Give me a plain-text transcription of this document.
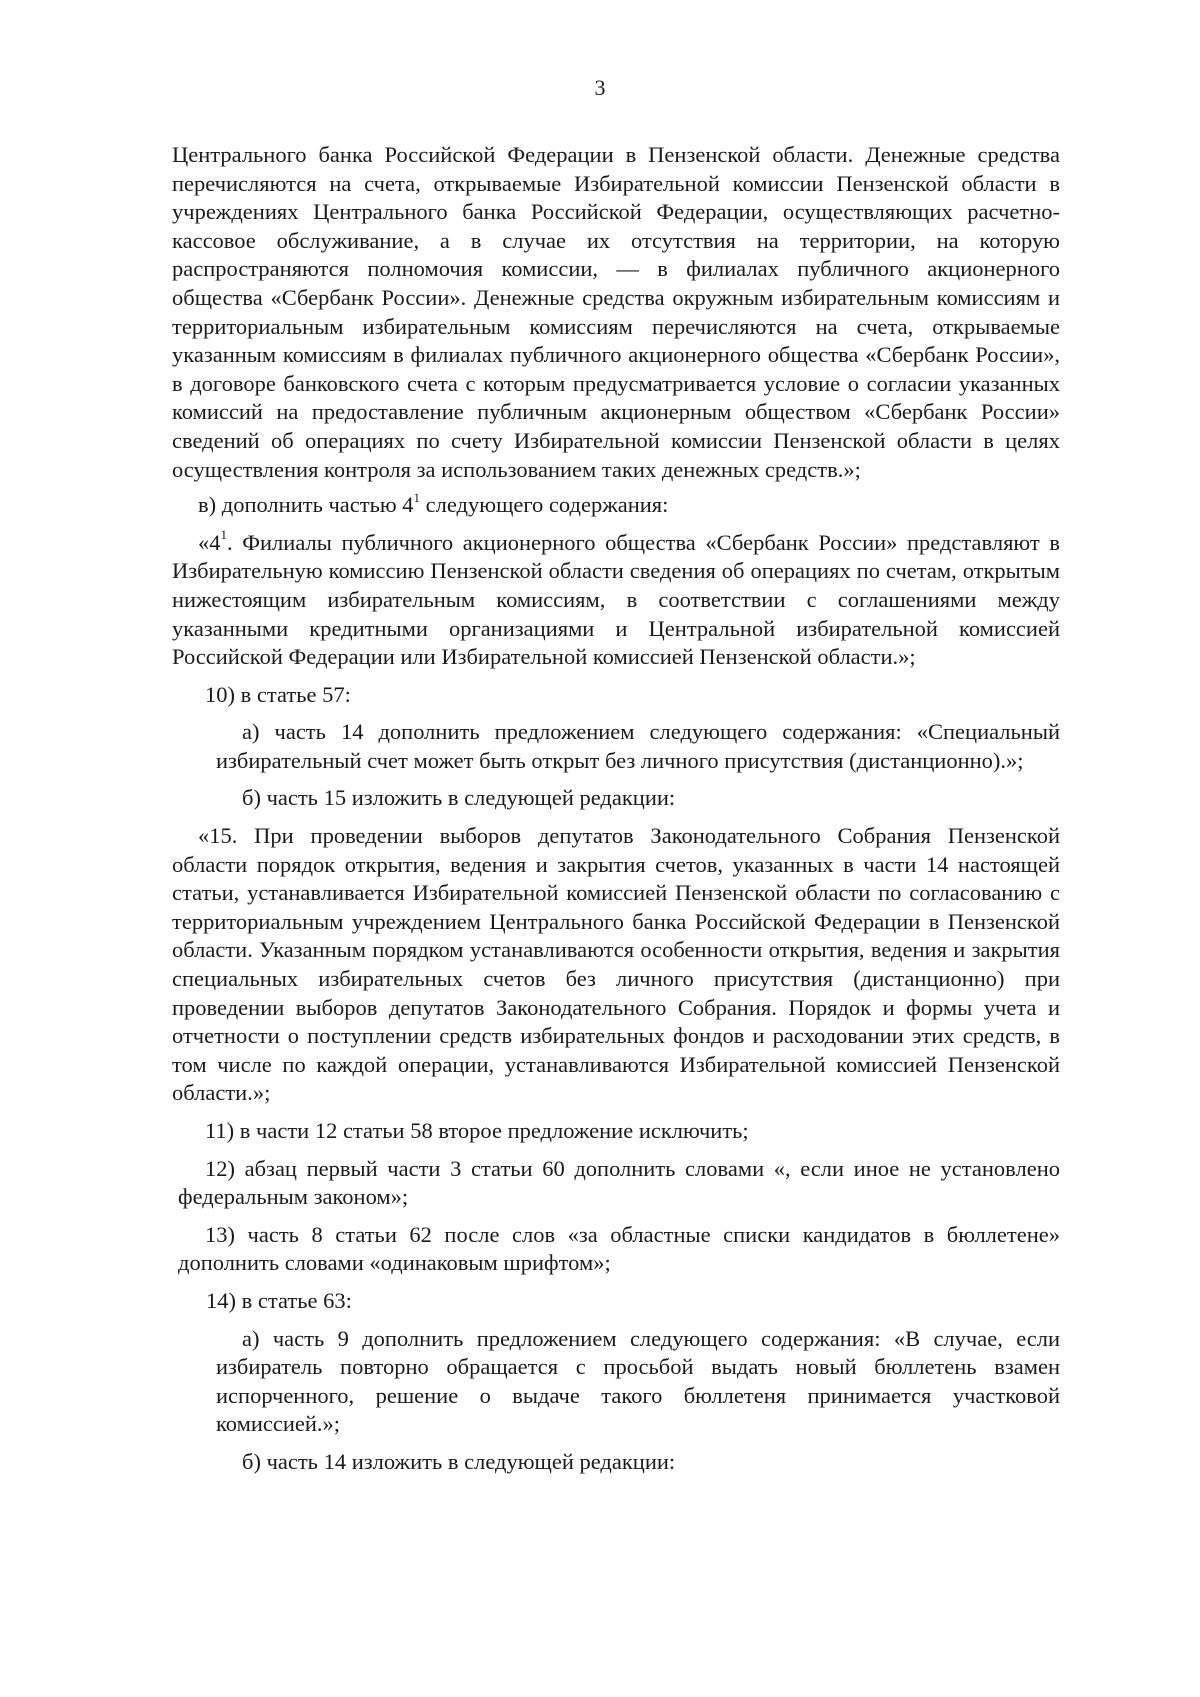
3

Центрального банка Российской Федерации в Пензенской области. Денежные средства перечисляются на счета, открываемые Избирательной комиссии Пензенской области в учреждениях Центрального банка Российской Федерации, осуществляющих расчетно-кассовое обслуживание, а в случае их отсутствия на территории, на которую распространяются полномочия комиссии, — в филиалах публичного акционерного общества «Сбербанк России». Денежные средства окружным избирательным комиссиям и территориальным избирательным комиссиям перечисляются на счета, открываемые указанным комиссиям в филиалах публичного акционерного общества «Сбербанк России», в договоре банковского счета с которым предусматривается условие о согласии указанных комиссий на предоставление публичным акционерным обществом «Сбербанк России» сведений об операциях по счету Избирательной комиссии Пензенской области в целях осуществления контроля за использованием таких денежных средств.»;

в) дополнить частью $4^1$ следующего содержания:

«$4^1$. Филиалы публичного акционерного общества «Сбербанк России» представляют в Избирательную комиссию Пензенской области сведения об операциях по счетам, открытым нижестоящим избирательным комиссиям, в соответствии с соглашениями между указанными кредитными организациями и Центральной избирательной комиссией Российской Федерации или Избирательной комиссией Пензенской области.»;

10) в статье 57:

а) часть 14 дополнить предложением следующего содержания: «Специальный избирательный счет может быть открыт без личного присутствия (дистанционно).»;

б) часть 15 изложить в следующей редакции:

«15. При проведении выборов депутатов Законодательного Собрания Пензенской области порядок открытия, ведения и закрытия счетов, указанных в части 14 настоящей статьи, устанавливается Избирательной комиссией Пензенской области по согласованию с территориальным учреждением Центрального банка Российской Федерации в Пензенской области. Указанным порядком устанавливаются особенности открытия, ведения и закрытия специальных избирательных счетов без личного присутствия (дистанционно) при проведении выборов депутатов Законодательного Собрания. Порядок и формы учета и отчетности о поступлении средств избирательных фондов и расходовании этих средств, в том числе по каждой операции, устанавливаются Избирательной комиссией Пензенской области.»;

11) в части 12 статьи 58 второе предложение исключить;

12) абзац первый части 3 статьи 60 дополнить словами «, если иное не установлено федеральным законом»;

13) часть 8 статьи 62 после слов «за областные списки кандидатов в бюллетене» дополнить словами «одинаковым шрифтом»;

14) в статье 63:

а) часть 9 дополнить предложением следующего содержания: «В случае, если избиратель повторно обращается с просьбой выдать новый бюллетень взамен испорченного, решение о выдаче такого бюллетеня принимается участковой комиссией.»;

б) часть 14 изложить в следующей редакции:
